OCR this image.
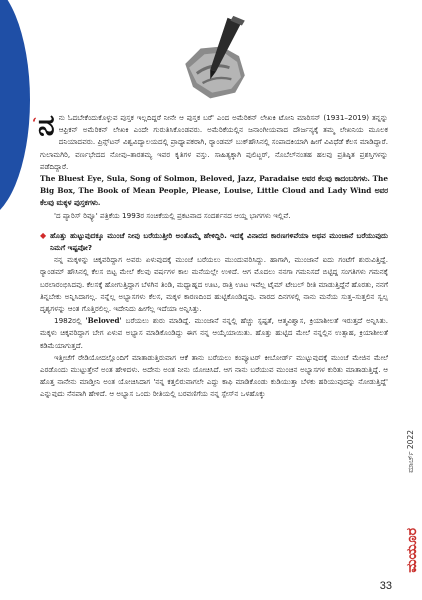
‘ ನನು ಓದಬೇಕೆಂದುಕೊಳ್ಳುವ ಪುಸ್ತಕ ಇಲ್ಲದಿದ್ದರೆ ನೀನೇ ಆ ಪುಸ್ತಕ ಬರೆ' ಎಂದ ಅಮೆರಿಕನ್ ಲೇಖಕಿ ಟೋನಿ ಮಾರಿಸನ್ (1931–2019) ತನ್ನನ್ನು ಆಫ್ರಿಕನ್ ಅಮೆರಿಕನ್ ಲೇಖಕಿ ಎಂದೇ ಗುರುತಿಸಿಕೊಂಡವರು. ಅಮೆರಿಕೆಯಲ್ಲಿನ ಜನಾಂಗೀಯವಾದ ದೌರ್ಜನ್ಯಕ್ಕೆ ತಮ್ಮ ಲೇಖನಿಯ ಮೂಲಕ ದನಿಯಾದವರು. ಪ್ರಿನ್ಸ್‌ಟನ್ ವಿಶ್ವವಿದ್ಯಾಲಯದಲ್ಲಿ ಪ್ರಾಧ್ಯಾಪಕರಾಗಿ, ರ್‍ಯಾಂಡಮ್ ಬುಕ್‌ಹೌಸಿನಲ್ಲಿ ಸಂಪಾದಕಿಯಾಗಿ ಹೀಗೆ ವಿವಿಧೆಡೆ ಕೆಲಸ ಮಾಡಿದ್ದಾರೆ. ಗುಲಾಮಗಿರಿ, ವರ್ಣಭೇದದ ನೋವು–ತಾರತಮ್ಯ ಇವರ ಕೃತಿಗಳ ವಸ್ತು. ಸಾಹಿತ್ಯಕ್ಕಾಗಿ ಪುಲಿಟ್ಜರ್, ನೊಬೆಲ್‌ನಂತಹ ಹಲವು ಪ್ರತಿಷ್ಠಿತ ಪ್ರಶಸ್ತಿಗಳನ್ನು ಪಡೆದಿದ್ದಾರೆ.

The Bluest Eye, Sula, Song of Solmon, Beloved, Jazz, Paradaise ಅವರ ಕೆಲವು ಕಾದಂಬರಿಗಳು. The Big Box, The Book of Mean People, Please, Louise, Little Cloud and Lady Wind ಅವರ ಕೆಲವು ಮಕ್ಕಳ ಪುಸ್ತಕಗಳು.

'ದ ಪ್ಯಾರಿಸ್ ರಿವ್ಯೂ' ಪತ್ರಿಕೆಯ 1993ರ ಸಂಚಿಕೆಯಲ್ಲಿ ಪ್ರಕಟವಾದ ಸಂದರ್ಶನದ ಆಯ್ದ ಭಾಗಗಳು ಇಲ್ಲಿವೆ.

◆ ಹೊತ್ತು ಹುಟ್ಟುವುದಕ್ಕೂ ಮುಂಚೆ ನೀವು ಬರೆಯುತ್ತೀರಿ ಅಂತೊಮ್ಮೆ ಹೇಳಿದ್ದಿರಿ. ಇದಕ್ಕೆ ವಿನಾದದ ಕಾರಣಗಳಿವೆಯಾ ಅಥವ ಮುಂಜಾನೆ ಬರೆಯುವುದು ನಿಮಗೆ ಇಷ್ಟವೋ?

ನನ್ನ ಮಕ್ಕಳಿನ್ನು ಚಿಕ್ಕವರಿದ್ದಾಗ ಅವರು ಏಳುವುದಕ್ಕೆ ಮುಂಚೆ ಬರೆಯಲು ಮುಂದುವರಿಸಿದ್ದು. ಹಾಗಾಗಿ, ಮುಂಜಾನೆ ಐದು ಗಂಟೆಗೆ ಶುರುವಿತ್ತಿದ್ದೆ. ರ್‍ಯಾಂಡಮ್ ಹೌಸಿನಲ್ಲಿ ಕೆಲಸ ಬಿಟ್ಟ ಮೇಲೆ ಕೆಲವು ವರ್ಷಗಳ ಕಾಲ ಮನೆಯಲ್ಲೇ ಉಳಿದೆ. ಆಗ ಮೊದಲು ನನಗಾ ಗಮನಿಸದೆ ಬಿಟ್ಟಿದ್ದ ಸಂಗತಿಗಳು ಗಮನಕ್ಕೆ ಬರಲಾರಂಭಿಸಿದವು. ಕೆಲಸಕ್ಕೆ ಹೋಗುತ್ತಿದ್ದಾಗ ಬೆಳಗಿನ ತಿಂಡಿ, ಮಧ್ಯಾಹ್ನದ ಊಟ, ರಾತ್ರಿ ಊಟ ಇವೆಲ್ಲ ಟೈಮ್ ಟೇಬಲ್ ರೀತಿ ಮಾಡುತ್ತಿದ್ದೆನೆ ಹೊರತು, ನನಗೆ ತಿನ್ನಬೇಕು ಅನ್ನಿಸಿದಾಗಲ್ಲ. ನನ್ನೆಲ್ಲ ಅಭ್ಯಾಸಗಳು ಕೆಲಸ, ಮಕ್ಕಳ ಕಾರಣದಿಂದ ಹುಟ್ಟಿಕೊಂಡಿದ್ದವು. ವಾರದ ದಿನಗಳಲ್ಲಿ ನಾನು ಮನೆಯ ಸುತ್ತ–ಸುತ್ತಲಿನ ಸ್ವಲ್ಪ ದೃಶ್ಯಗಳನ್ನು ಆಂತ ಗೊತ್ತಿರಲಿಲ್ಲ. ಇದೇನಿದು ಹೀಗೆಲ್ಲ ಇದೆಯಾ ಅನ್ನಿಸಿತ್ತು.

1982ರಲ್ಲಿ 'Beloved' ಬರೆಯಲು ಶುರು ಮಾಡಿದ್ದೆ. ಮುಂಜಾನೆ ನನ್ನಲ್ಲಿ ಹೆಚ್ಚು ಸ್ಪಷ್ಟತೆ, ಆತ್ಮವಿಶ್ವಾಸ, ಕ್ರಿಯಾಶೀಲತೆ ಇರುತ್ತದೆ ಅನ್ನಿಸಿತು. ಮಕ್ಕಳು ಚಿಕ್ಕವರಿದ್ದಾಗ ಬೇಗ ಏಳುವ ಅಭ್ಯಾಸ ಮಾಡಿಕೊಂಡಿದ್ದು ಈಗ ನನ್ನ ಆಯ್ಕೆಯಾಯಿತು. ಹೊತ್ತು ಹುಟ್ಟಿದ ಮೇಲೆ ನನ್ನಲ್ಲಿನ ಉತ್ಸಾಹ, ಕ್ರಿಯಾಶೀಲತೆ ಕಡಿಮೆಯಾಗುತ್ತದೆ.

ಇತ್ತೀಚೆಗೆ ರೇಡಿಯೋದಲ್ಲೊಂದಿಗೆ ಮಾತಾಡುತ್ತಿರುವಾಗ ಆಕೆ ತಾನು ಬರೆಯಲು ಕಂಪ್ಯೂಟರ್ ಕೀಬೋರ್ಡ್ ಮುಟ್ಟುವುದಕ್ಕೆ ಮುಂಚೆ ಮೇಜಿನ ಮೇಲೆ ಎರಡೊಂದು ಮುಟ್ಟುತ್ತೇನೆ ಅಂತ ಹೇಳಿದಳು. ಅದೇನು ಅಂತ ನೀನು ಯೋಚಿಸಿದೆ. ಆಗ ನಾನು ಬರೆಯುವ ಮುಂಚಿನ ಅಭ್ಯಾಸಗಳ ಕುರಿತು ಮಾತಾಡುತ್ತಿದ್ದೆ. ಆ ಹೊತ್ತ ನಾನೇನು ಮಾಡ್ತೀನಿ ಅಂತ ಯೋಚಿಸಿದಾಗ 'ನನ್ನ ಕತ್ತಲಿರುವಾಗಲೇ ಎದ್ದು ಕಾಫಿ ಮಾಡಿಕೊಂಡು ಕುಡಿಯುತ್ತಾ ಬೆಳಕು ಹರಿಯುವುದನ್ನು ನೋಡುತ್ತಿದ್ದೆ' ಎನ್ನುವುದು ನೆನಪಾಗಿ ಹೇಳಿದೆ. ಆ ಅಭ್ಯಾಸ ಒಂದು ರೀತಿಯಲ್ಲಿ ಬರವಣಿಗೆಯ ನನ್ನ ಸ್ಪೇಸ್‌ನ ಒಳಹೊಕ್ಕು

ಮಾರ್ಚ್ 2022
ಮಯೂರ
33
